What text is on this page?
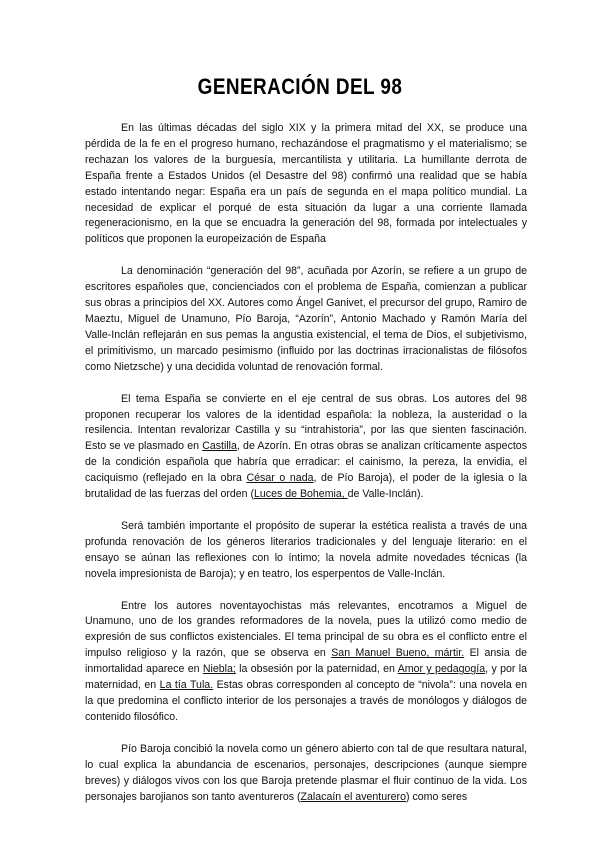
GENERACIÓN DEL 98

En las últimas décadas del siglo XIX y la primera mitad del XX, se produce una pérdida de la fe en el progreso humano, rechazándose el pragmatismo y el materialismo; se rechazan los valores de la burguesía, mercantilista y utilitaria. La humillante derrota de España frente a Estados Unidos (el Desastre del 98) confirmó una realidad que se había estado intentando negar: España era un país de segunda en el mapa político mundial. La necesidad de explicar el porqué de esta situación da lugar a una corriente llamada regeneracionismo, en la que se encuadra la generación del 98, formada por intelectuales y políticos que proponen la europeización de España

La denominación “generación del 98”, acuñada por Azorín, se refiere a un grupo de escritores españoles que, concienciados con el problema de España, comienzan a publicar sus obras a principios del XX. Autores como Ángel Ganivet, el precursor del grupo, Ramiro de Maeztu, Miguel de Unamuno, Pío Baroja, “Azorín”, Antonio Machado y Ramón María del Valle-Inclán reflejarán en sus pemas la angustia existencial, el tema de Dios, el subjetivismo, el primitivismo, un marcado pesimismo (influido por las doctrinas irracionalistas de filósofos como Nietzsche) y una decidida voluntad de renovación formal.

El tema España se convierte en el eje central de sus obras. Los autores del 98 proponen recuperar los valores de la identidad española: la nobleza, la austeridad o la resilencia. Intentan revalorizar Castilla y su “intrahistoria”, por las que sienten fascinación. Esto se ve plasmado en Castilla, de Azorín. En otras obras se analizan críticamente aspectos de la condición española que habría que erradicar: el cainismo, la pereza, la envidia, el caciquismo (reflejado en la obra César o nada, de Pío Baroja), el poder de la iglesia o la brutalidad de las fuerzas del orden (Luces de Bohemia, de Valle-Inclán).

Será también importante el propósito de superar la estética realista a través de una profunda renovación de los géneros literarios tradicionales y del lenguaje literario: en el ensayo se aúnan las reflexiones con lo íntimo; la novela admite novedades técnicas (la novela impresionista de Baroja); y en teatro, los esperpentos de Valle-Inclán.

Entre los autores noventayochistas más relevantes, encotramos a Miguel de Unamuno, uno de los grandes reformadores de la novela, pues la utilizó como medio de expresión de sus conflictos existenciales. El tema principal de su obra es el conflicto entre el impulso religioso y la razón, que se observa en San Manuel Bueno, mártir. El ansia de inmortalidad aparece en Niebla; la obsesión por la paternidad, en Amor y pedagogía, y por la maternidad, en La tía Tula. Estas obras corresponden al concepto de “nivola”: una novela en la que predomina el conflicto interior de los personajes a través de monólogos y diálogos de contenido filosófico.

Pío Baroja concibió la novela como un género abierto con tal de que resultara natural, lo cual explica la abundancia de escenarios, personajes, descripciones (aunque siempre breves) y diálogos vivos con los que Baroja pretende plasmar el fluir continuo de la vida. Los personajes barojianos son tanto aventureros (Zalacaín el aventurero) como seres
